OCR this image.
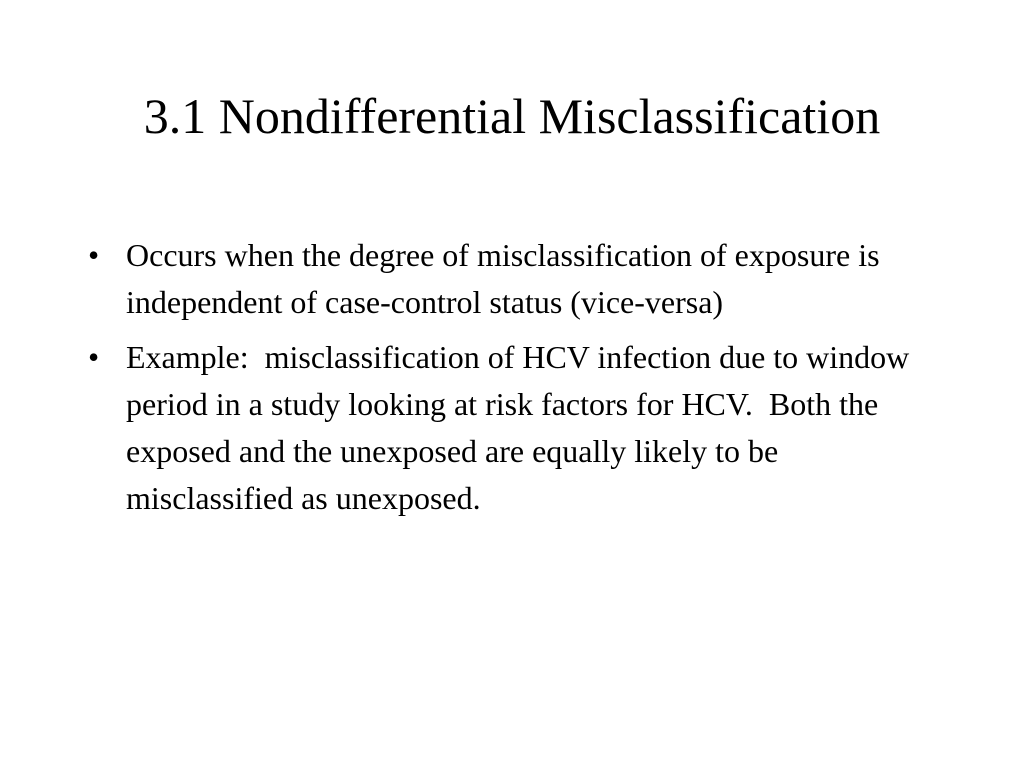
3.1 Nondifferential Misclassification
• Occurs when the degree of misclassification of exposure is independent of case-control status (vice-versa)
• Example:  misclassification of HCV infection due to window period in a study looking at risk factors for HCV.  Both the exposed and the unexposed are equally likely to be misclassified as unexposed.
